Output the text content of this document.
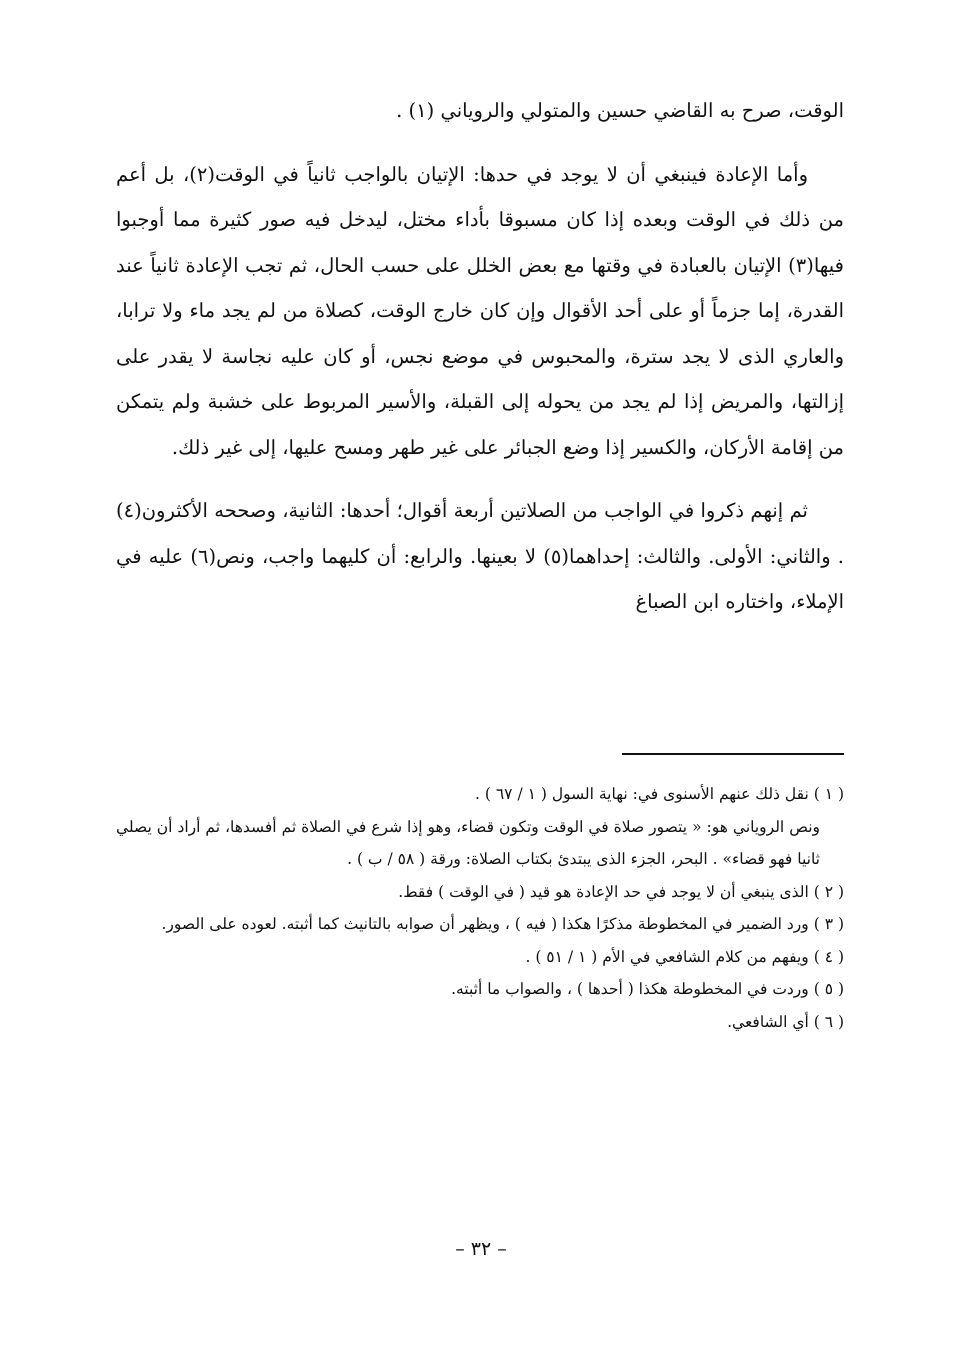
الوقت، صرح به القاضي حسين والمتولي والروياني (١) .

وأما الإعادة فينبغي أن لا يوجد في حدها: الإتيان بالواجب ثانياً في الوقت(٢)، بل أعم من ذلك في الوقت وبعده إذا كان مسبوقا بأداء مختل، ليدخل فيه صور كثيرة مما أوجبوا فيها(٣) الإتيان بالعبادة في وقتها مع بعض الخلل على حسب الحال، ثم تجب الإعادة ثانياً عند القدرة، إما جزماً أو على أحد الأقوال وإن كان خارج الوقت، كصلاة من لم يجد ماء ولا ترابا، والعاري الذى لا يجد سترة، والمحبوس في موضع نجس، أو كان عليه نجاسة لا يقدر على إزالتها، والمريض إذا لم يجد من يحوله إلى القبلة، والأسير المربوط على خشبة ولم يتمكن من إقامة الأركان، والكسير إذا وضع الجبائر على غير طهر ومسح عليها، إلى غير ذلك.

ثم إنهم ذكروا في الواجب من الصلاتين أربعة أقوال؛ أحدها: الثانية، وصححه الأكثرون(٤) . والثاني: الأولى. والثالث: إحداهما(٥) لا بعينها. والرابع: أن كليهما واجب، ونص(٦) عليه في الإملاء، واختاره ابن الصباغ

( ١ ) نقل ذلك عنهم الأسنوى في: نهاية السول ( ١ / ٦٧ ) .

ونص الروياني هو: « يتصور صلاة في الوقت وتكون قضاء، وهو إذا شرع في الصلاة ثم أفسدها، ثم أراد أن يصلي ثانيا فهو قضاء» . البحر، الجزء الذى يبتدئ بكتاب الصلاة: ورقة ( ٥٨ / ب ) .

( ٢ ) الذى ينبغي أن لا يوجد في حد الإعادة هو قيد ( في الوقت ) فقط.

( ٣ ) ورد الضمير في المخطوطة مذكرًا هكذا ( فيه ) ، ويظهر أن صوابه بالتانيث كما أثبته. لعوده على الصور.

( ٤ ) ويفهم من كلام الشافعي في الأم ( ١ / ٥١ ) .

( ٥ ) وردت في المخطوطة هكذا ( أحدها ) ، والصواب ما أثبته.

( ٦ ) أي الشافعي.

– ٣٢ –
